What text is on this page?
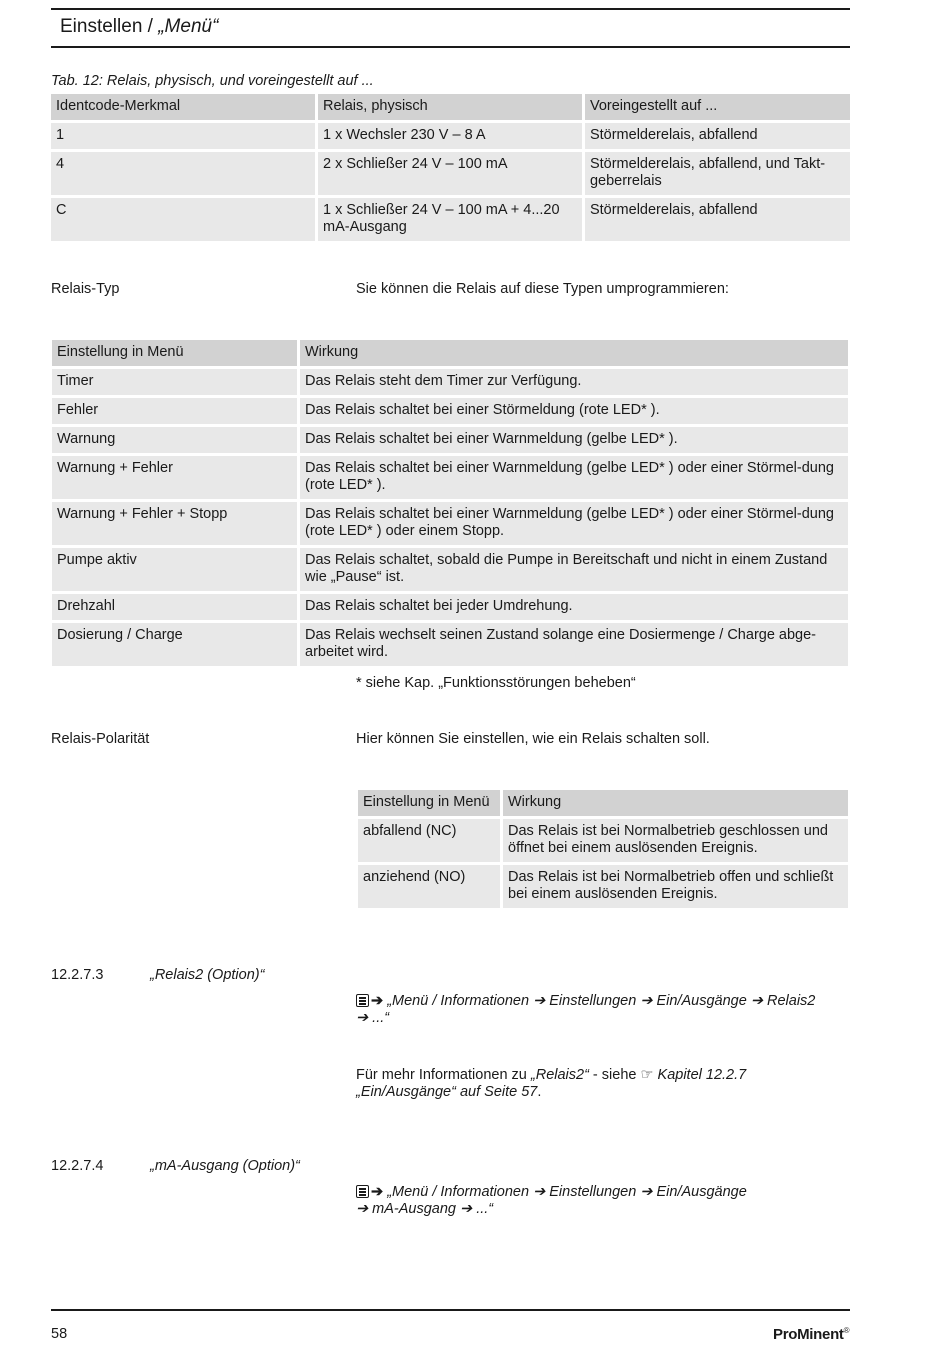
Einstellen / „Menü“
Tab. 12: Relais, physisch, und voreingestellt auf ...
Identcode-Merkmal	Relais, physisch	Voreingestellt auf ...
1	1 x Wechsler 230 V – 8 A	Störmelderelais, abfallend
4	2 x Schließer 24 V – 100 mA	Störmelderelais, abfallend, und Takt-geberrelais
C	1 x Schließer 24 V – 100 mA + 4...20 mA-Ausgang	Störmelderelais, abfallend
Relais-Typ	Sie können die Relais auf diese Typen umprogrammieren:
Einstellung in Menü	Wirkung
Timer	Das Relais steht dem Timer zur Verfügung.
Fehler	Das Relais schaltet bei einer Störmeldung (rote LED* ).
Warnung	Das Relais schaltet bei einer Warnmeldung (gelbe LED* ).
Warnung + Fehler	Das Relais schaltet bei einer Warnmeldung (gelbe LED* ) oder einer Störmel-dung (rote LED* ).
Warnung + Fehler + Stopp	Das Relais schaltet bei einer Warnmeldung (gelbe LED* ) oder einer Störmel-dung (rote LED* ) oder einem Stopp.
Pumpe aktiv	Das Relais schaltet, sobald die Pumpe in Bereitschaft und nicht in einem Zustand wie „Pause“ ist.
Drehzahl	Das Relais schaltet bei jeder Umdrehung.
Dosierung / Charge	Das Relais wechselt seinen Zustand solange eine Dosiermenge / Charge abge-arbeitet wird.
* siehe Kap. „Funktionsstörungen beheben“
Relais-Polarität	Hier können Sie einstellen, wie ein Relais schalten soll.
Einstellung in Menü	Wirkung
abfallend (NC)	Das Relais ist bei Normalbetrieb geschlossen und öffnet bei einem auslösenden Ereignis.
anziehend (NO)	Das Relais ist bei Normalbetrieb offen und schließt bei einem auslösenden Ereignis.
12.2.7.3	„Relais2 (Option)“
➔ „Menü / Informationen ➔ Einstellungen ➔ Ein/Ausgänge ➔ Relais2
➔ ...“
Für mehr Informationen zu „Relais2“ - siehe ☞ Kapitel 12.2.7 „Ein/Ausgänge“ auf Seite 57.
12.2.7.4	„mA-Ausgang (Option)“
➔ „Menü / Informationen ➔ Einstellungen ➔ Ein/Ausgänge
➔ mA-Ausgang ➔ ...“
58	ProMinent®
